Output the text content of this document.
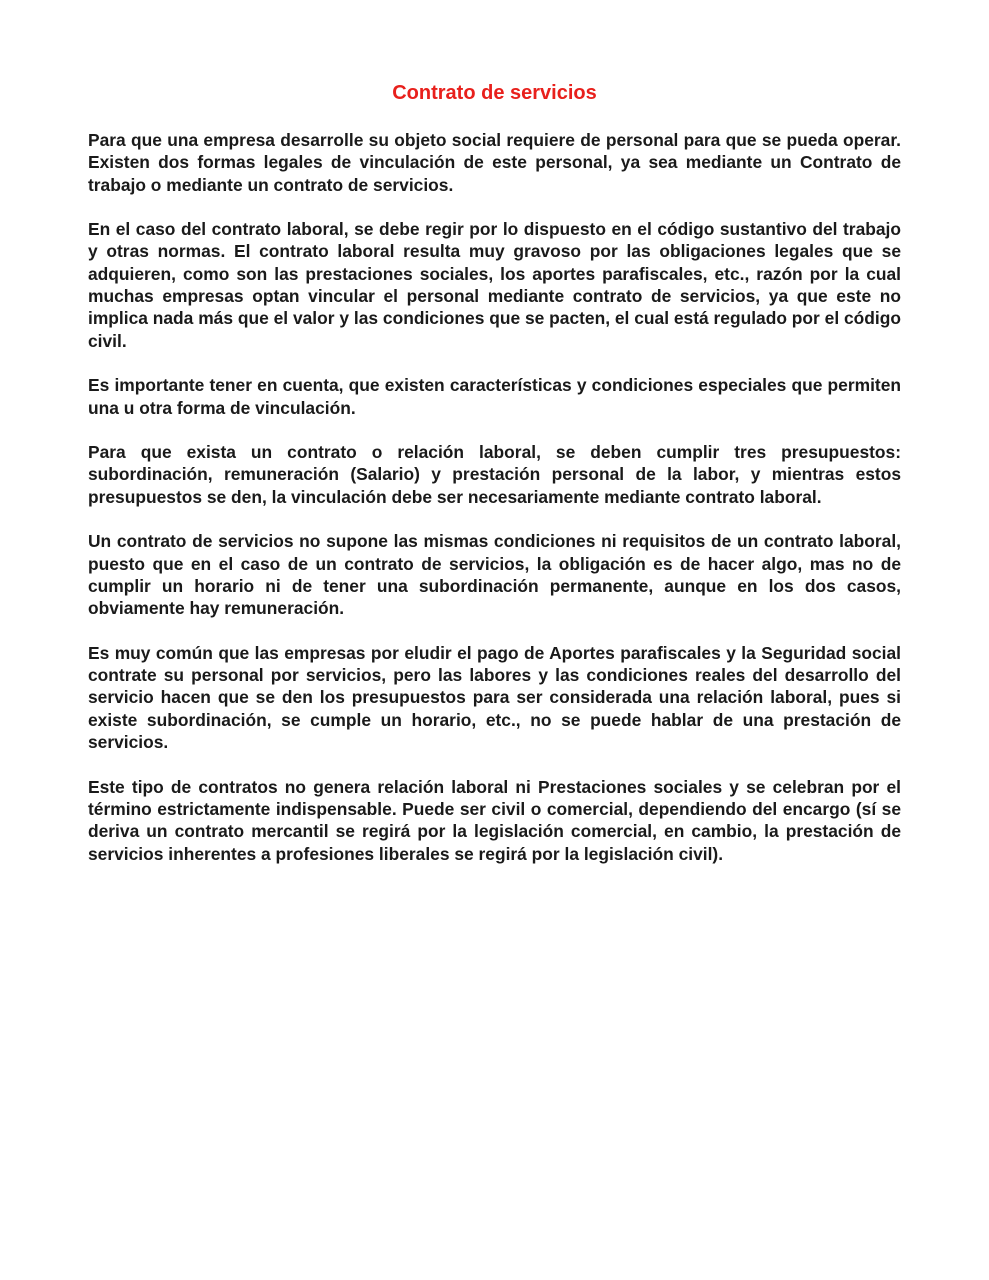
Contrato de servicios

Para que una empresa desarrolle su objeto social requiere de personal para que se pueda operar. Existen dos formas legales de vinculación de este personal, ya sea mediante un Contrato de trabajo o mediante un contrato de servicios.

En el caso del contrato laboral, se debe regir por lo dispuesto en el código sustantivo del trabajo y otras normas. El contrato laboral resulta muy gravoso por las obligaciones legales que se adquieren, como son las prestaciones sociales, los aportes parafiscales, etc., razón por la cual muchas empresas optan vincular el personal mediante contrato de servicios, ya que este no implica nada más que el valor y las condiciones que se pacten, el cual está regulado por el código civil.

Es importante tener en cuenta, que existen características y condiciones especiales que permiten una u otra forma de vinculación.

Para que exista un contrato o relación laboral, se deben cumplir tres presupuestos: subordinación, remuneración (Salario) y prestación personal de la labor, y mientras estos presupuestos se den, la vinculación debe ser necesariamente mediante contrato laboral.

Un contrato de servicios no supone las mismas condiciones ni requisitos de un contrato laboral, puesto que en el caso de un contrato de servicios, la obligación es de hacer algo, mas no de cumplir un horario ni de tener una subordinación permanente, aunque en los dos casos, obviamente hay remuneración.

Es muy común que las empresas por eludir el pago de Aportes parafiscales y la Seguridad social contrate su personal por servicios, pero las labores y las condiciones reales del desarrollo del servicio hacen que se den los presupuestos para ser considerada una relación laboral, pues si existe subordinación, se cumple un horario, etc., no se puede hablar de una prestación de servicios.

Este tipo de contratos no genera relación laboral ni Prestaciones sociales y se celebran por el término estrictamente indispensable. Puede ser civil o comercial, dependiendo del encargo (sí se deriva un contrato mercantil se regirá por la legislación comercial, en cambio, la prestación de servicios inherentes a profesiones liberales se regirá por la legislación civil).
